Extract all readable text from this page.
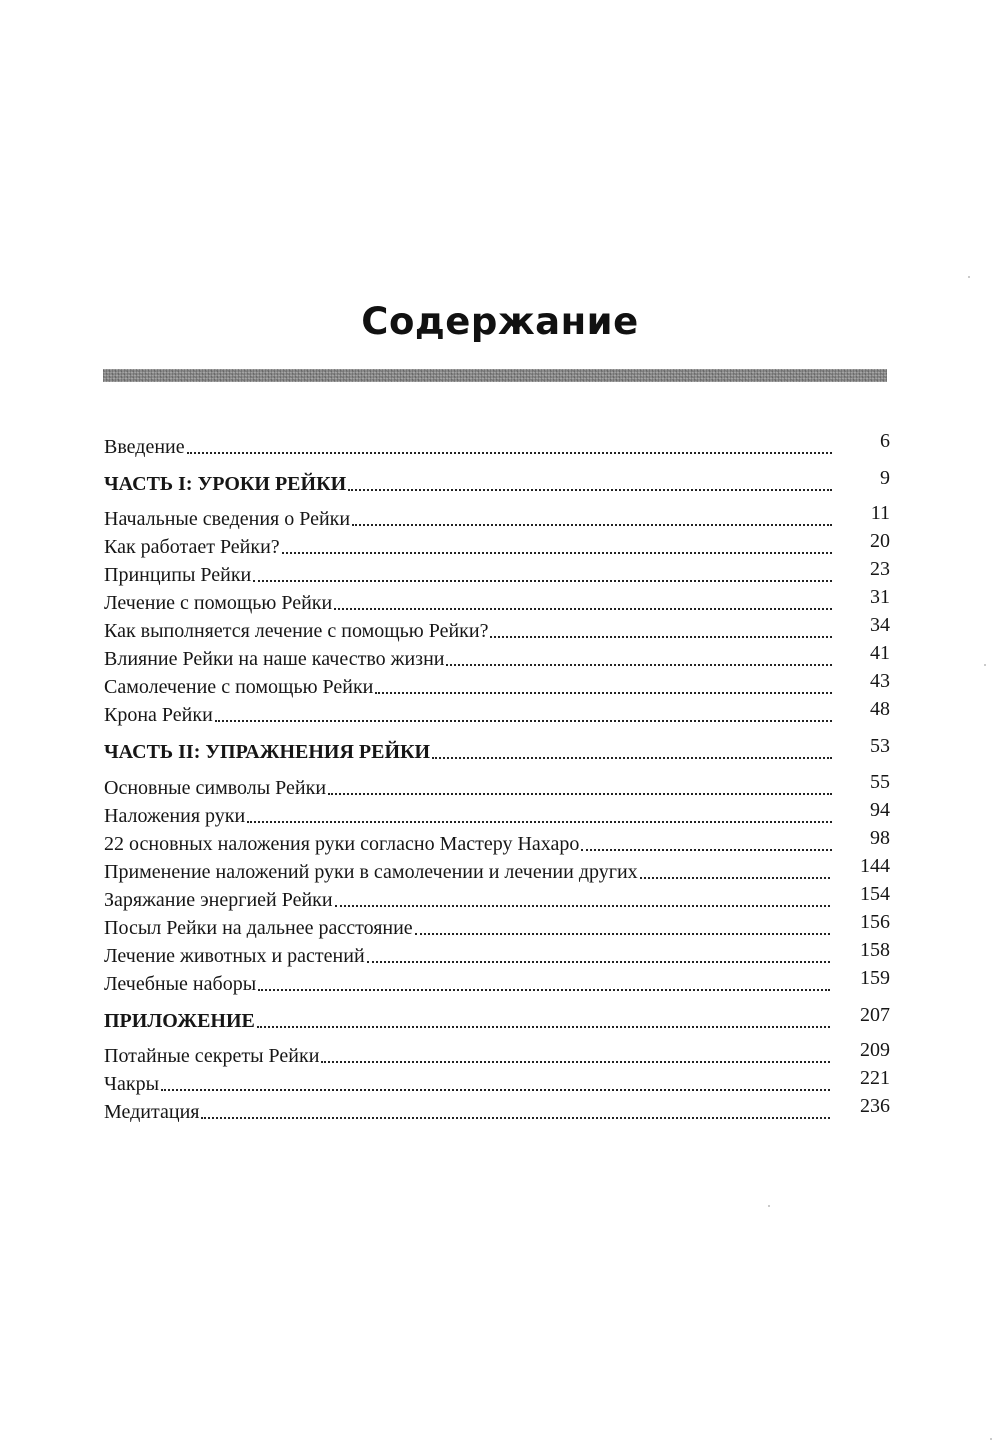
Содержание
Введение	6
ЧАСТЬ I: УРОКИ РЕЙКИ	9
Начальные сведения о Рейки	11
Как работает Рейки?	20
Принципы Рейки	23
Лечение с помощью Рейки	31
Как выполняется лечение с помощью Рейки?	34
Влияние Рейки на наше качество жизни	41
Самолечение с помощью Рейки	43
Крона Рейки	48
ЧАСТЬ II: УПРАЖНЕНИЯ РЕЙКИ	53
Основные символы Рейки	55
Наложения руки	94
22 основных наложения руки согласно Мастеру Нахаро	98
Применение наложений руки в самолечении и лечении других	144
Заряжание энергией Рейки	154
Посыл Рейки на дальнее расстояние	156
Лечение животных и растений	158
Лечебные наборы	159
ПРИЛОЖЕНИЕ	207
Потайные секреты Рейки	209
Чакры	221
Медитация	236
